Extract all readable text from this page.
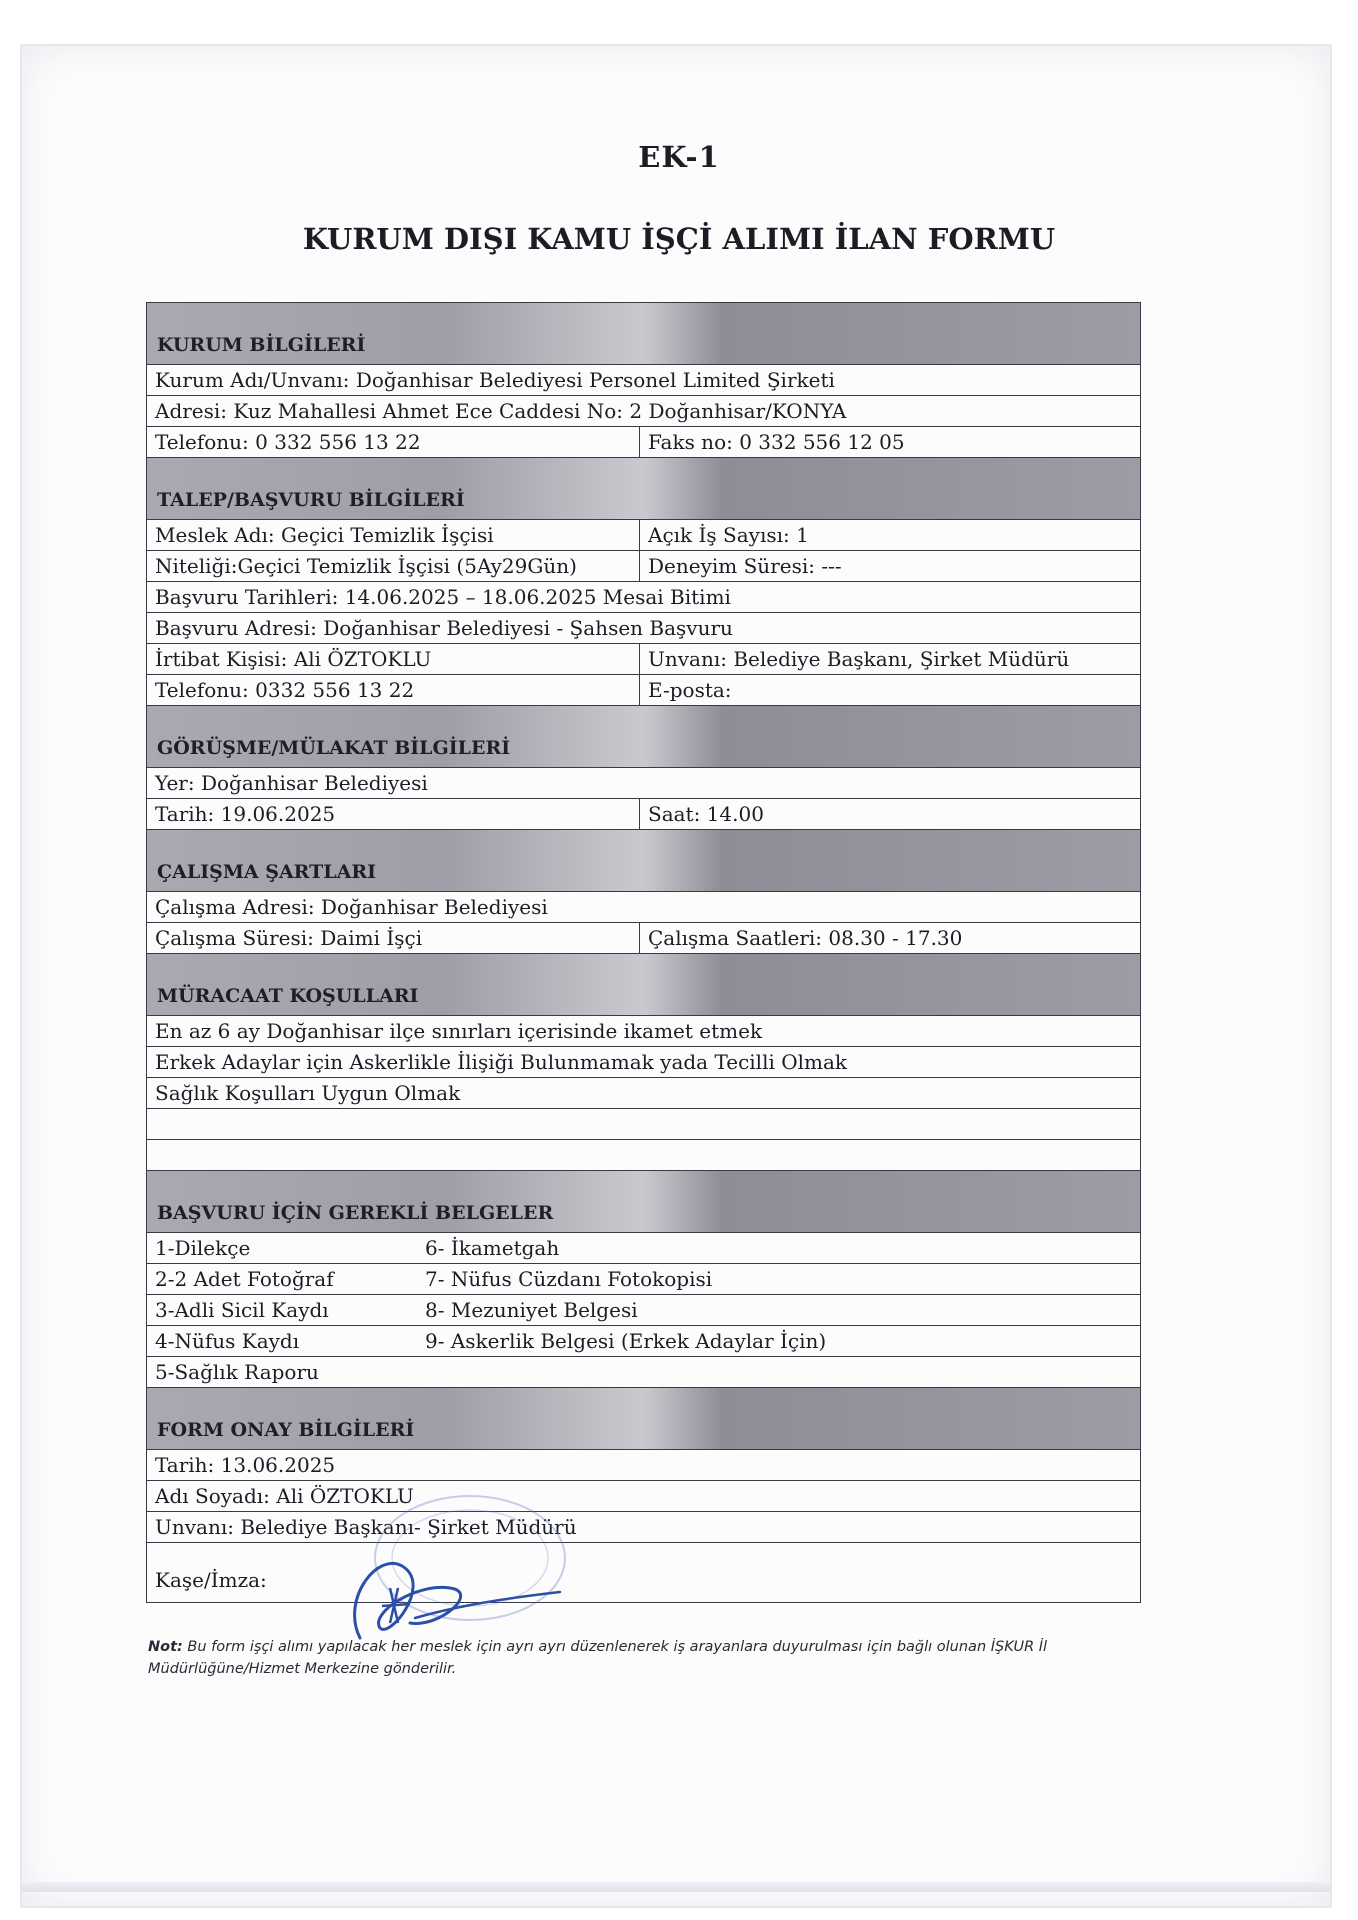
EK-1
KURUM DIŞI KAMU İŞÇİ ALIMI İLAN FORMU
KURUM BİLGİLERİ
Kurum Adı/Unvanı: Doğanhisar Belediyesi Personel Limited Şirketi
Adresi: Kuz Mahallesi Ahmet Ece Caddesi No: 2 Doğanhisar/KONYA
Telefonu: 0 332 556 13 22	Faks no: 0 332 556 12 05
TALEP/BAŞVURU BİLGİLERİ
Meslek Adı: Geçici Temizlik İşçisi	Açık İş Sayısı: 1
Niteliği:Geçici Temizlik İşçisi (5Ay29Gün)	Deneyim Süresi: ---
Başvuru Tarihleri: 14.06.2025 – 18.06.2025 Mesai Bitimi
Başvuru Adresi: Doğanhisar Belediyesi - Şahsen Başvuru
İrtibat Kişisi: Ali ÖZTOKLU	Unvanı: Belediye Başkanı, Şirket Müdürü
Telefonu: 0332 556 13 22	E-posta:
GÖRÜŞME/MÜLAKAT BİLGİLERİ
Yer: Doğanhisar Belediyesi
Tarih: 19.06.2025	Saat: 14.00
ÇALIŞMA ŞARTLARI
Çalışma Adresi: Doğanhisar Belediyesi
Çalışma Süresi: Daimi İşçi	Çalışma Saatleri: 08.30 - 17.30
MÜRACAAT KOŞULLARI
En az 6 ay Doğanhisar ilçe sınırları içerisinde ikamet etmek
Erkek Adaylar için Askerlikle İlişiği Bulunmamak yada Tecilli Olmak
Sağlık Koşulları Uygun Olmak
BAŞVURU İÇİN GEREKLİ BELGELER
1-Dilekçe	6- İkametgah
2-2 Adet Fotoğraf	7- Nüfus Cüzdanı Fotokopisi
3-Adli Sicil Kaydı	8- Mezuniyet Belgesi
4-Nüfus Kaydı	9- Askerlik Belgesi (Erkek Adaylar İçin)
5-Sağlık Raporu
FORM ONAY BİLGİLERİ
Tarih: 13.06.2025
Adı Soyadı: Ali ÖZTOKLU
Unvanı: Belediye Başkanı- Şirket Müdürü
Kaşe/İmza:
Not: Bu form işçi alımı yapılacak her meslek için ayrı ayrı düzenlenerek iş arayanlara duyurulması için bağlı olunan İŞKUR İl Müdürlüğüne/Hizmet Merkezine gönderilir.
